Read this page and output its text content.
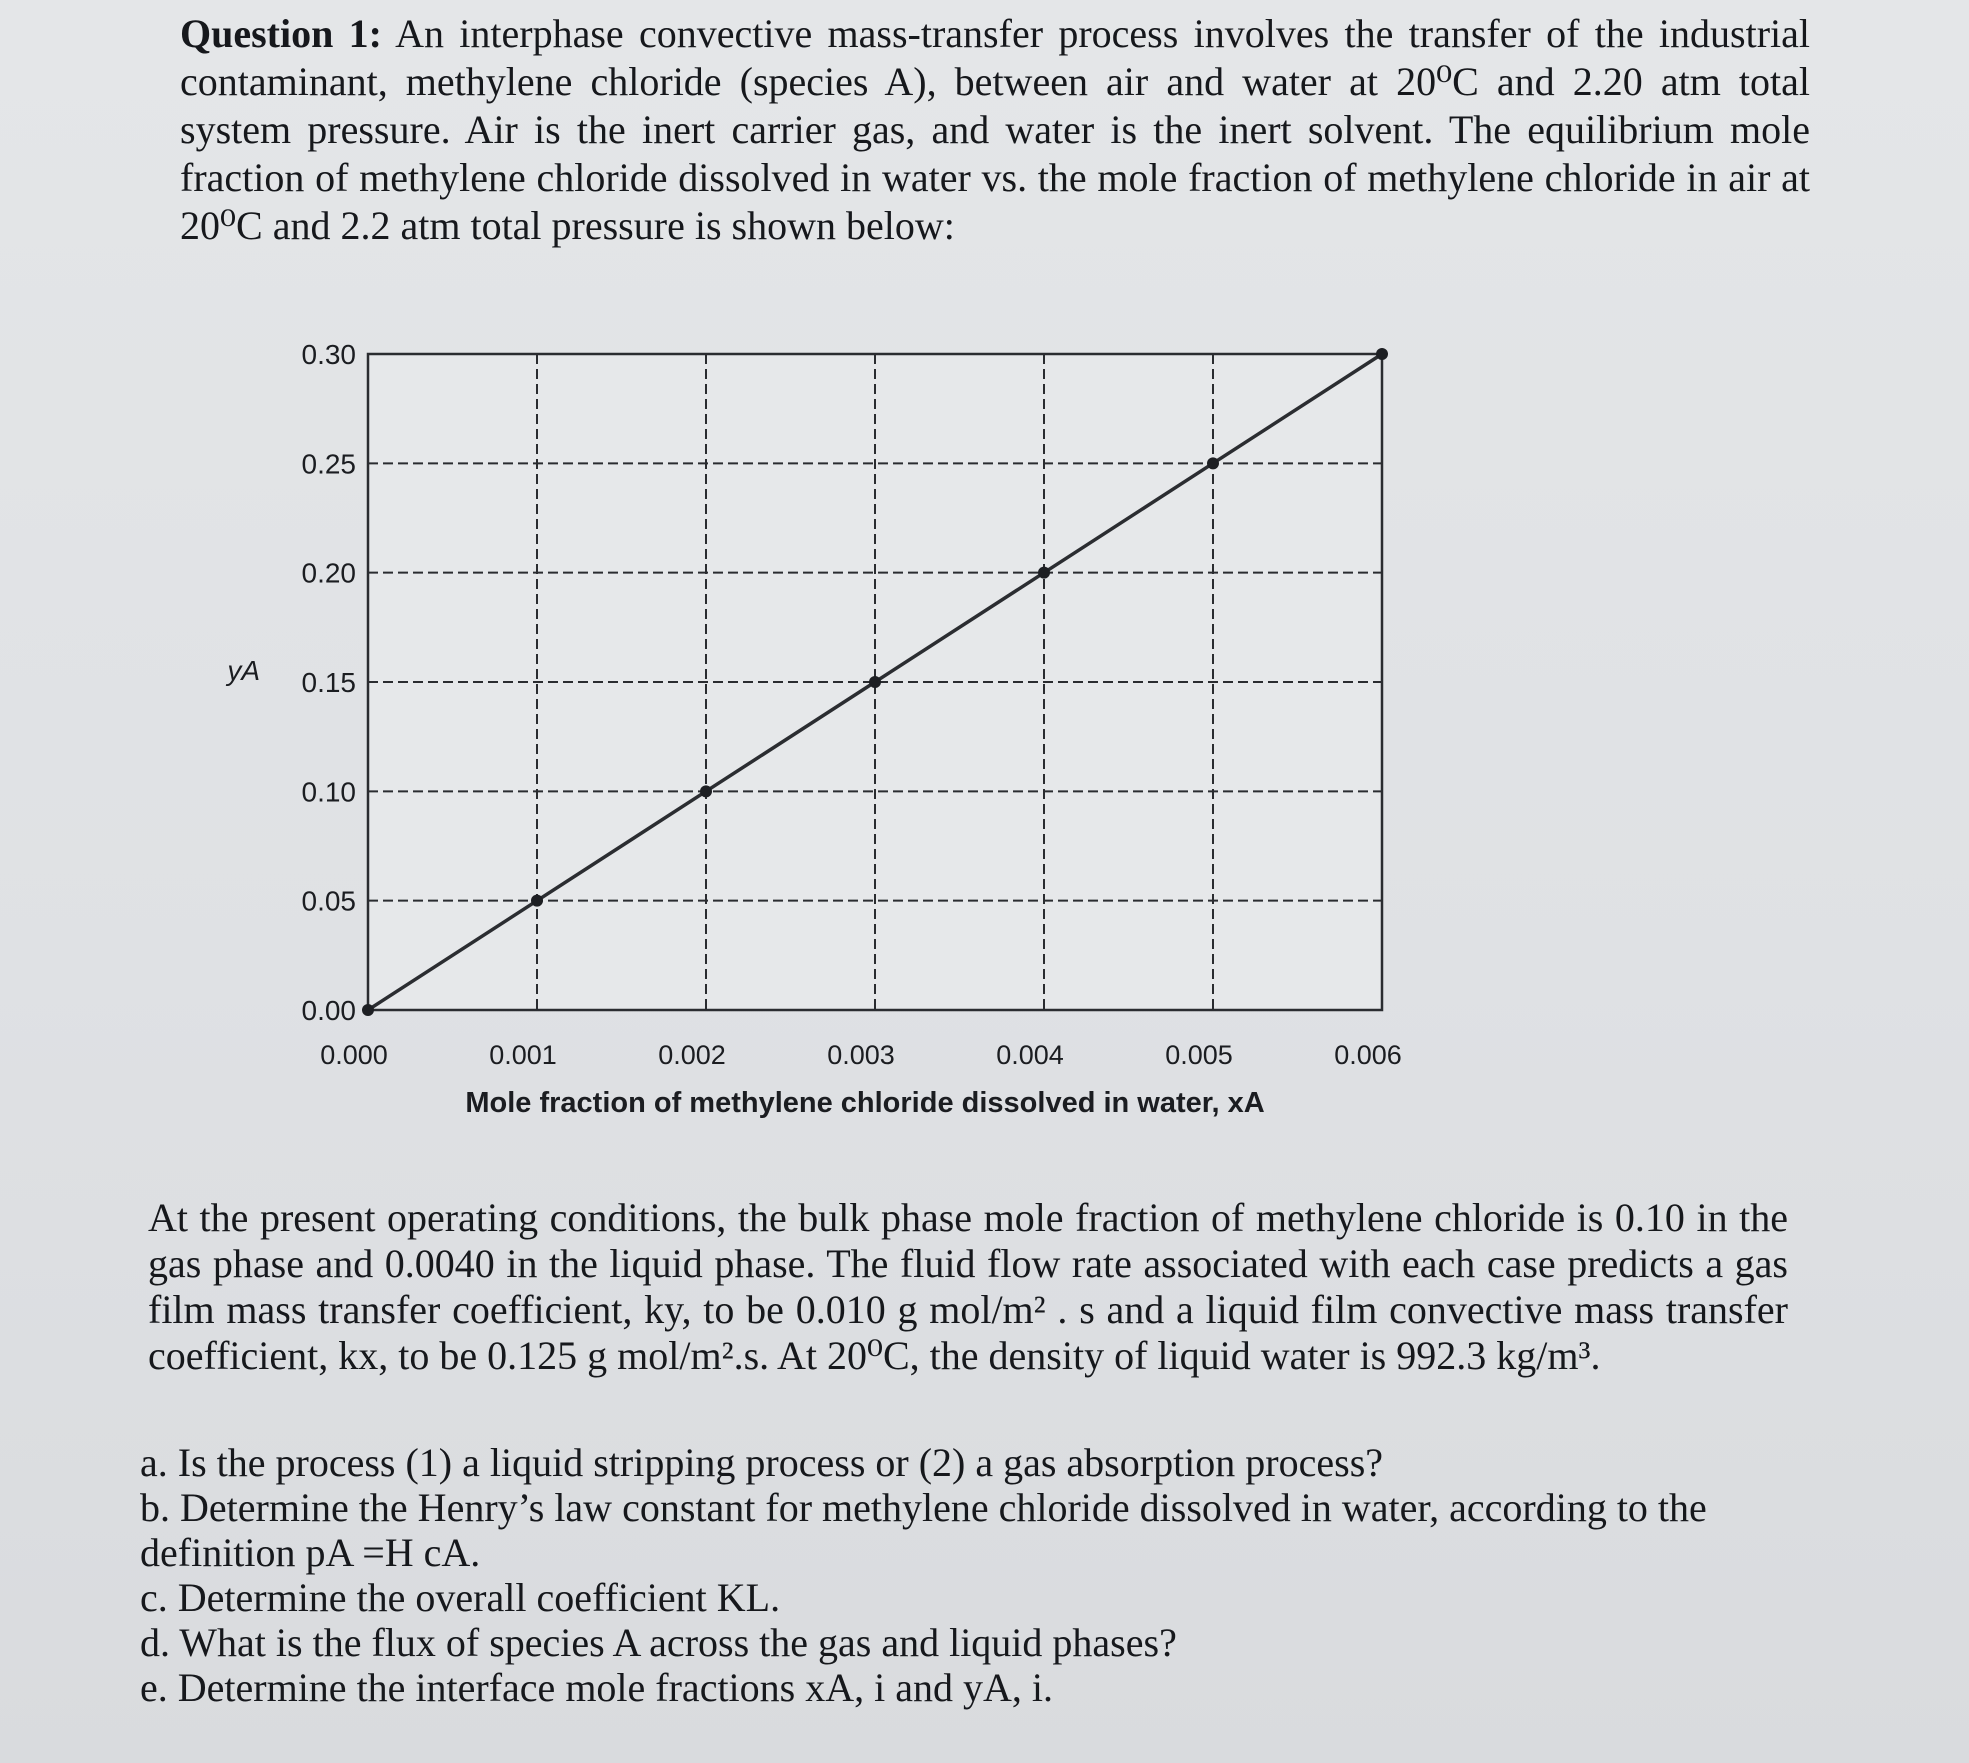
Question 1: An interphase convective mass-transfer process involves the transfer of the industrial contaminant, methylene chloride (species A), between air and water at 20⁰C and 2.20 atm total system pressure. Air is the inert carrier gas, and water is the inert solvent. The equilibrium mole fraction of methylene chloride dissolved in water vs. the mole fraction of methylene chloride in air at 20⁰C and 2.2 atm total pressure is shown below:

0.30
0.25
0.20
0.15
0.10
0.05
0.00
0.000	0.001	0.002	0.003	0.004	0.005	0.006
yA
Mole fraction of methylene chloride dissolved in water, xA

At the present operating conditions, the bulk phase mole fraction of methylene chloride is 0.10 in the gas phase and 0.0040 in the liquid phase. The fluid flow rate associated with each case predicts a gas film mass transfer coefficient, ky, to be 0.010 g mol/m² . s and a liquid film convective mass transfer coefficient, kx, to be 0.125 g mol/m².s. At 20⁰C, the density of liquid water is 992.3 kg/m³.

a. Is the process (1) a liquid stripping process or (2) a gas absorption process?
b. Determine the Henry’s law constant for methylene chloride dissolved in water, according to the definition pA =H cA.
c. Determine the overall coefficient KL.
d. What is the flux of species A across the gas and liquid phases?
e. Determine the interface mole fractions xA, i and yA, i.
